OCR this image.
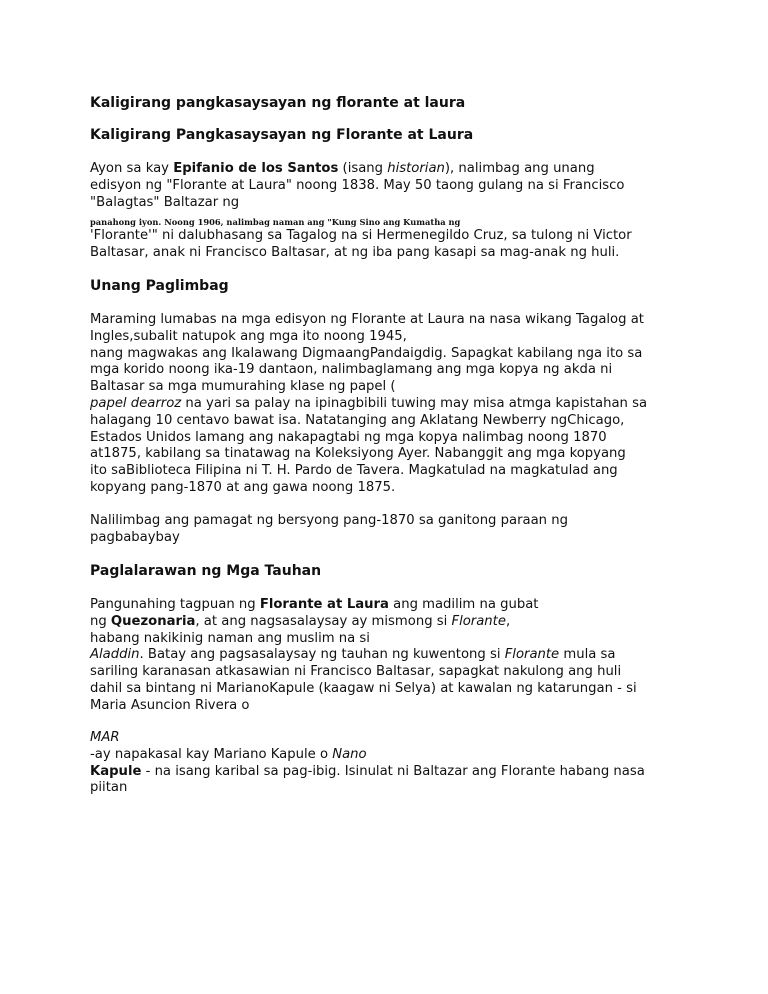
Kaligirang pangkasaysayan ng florante at laura
Kaligirang Pangkasaysayan ng Florante at Laura
Ayon sa kay Epifanio de los Santos (isang historian), nalimbag ang unang
edisyon ng "Florante at Laura" noong 1838. May 50 taong gulang na si Francisco
"Balagtas" Baltazar ng
panahong iyon. Noong 1906, nalimbag naman ang "Kung Sino ang Kumatha ng
'Florante'" ni dalubhasang sa Tagalog na si Hermenegildo Cruz, sa tulong ni Victor
Baltasar, anak ni Francisco Baltasar, at ng iba pang kasapi sa mag-anak ng huli.
Unang Paglimbag
Maraming lumabas na mga edisyon ng Florante at Laura na nasa wikang Tagalog at
Ingles,subalit natupok ang mga ito noong 1945,
nang magwakas ang Ikalawang DigmaangPandaigdig. Sapagkat kabilang nga ito sa
mga korido noong ika-19 dantaon, nalimbaglamang ang mga kopya ng akda ni
Baltasar sa mga mumurahing klase ng papel (
papel dearroz na yari sa palay na ipinagbibili tuwing may misa atmga kapistahan sa
halagang 10 centavo bawat isa. Natatanging ang Aklatang Newberry ngChicago,
Estados Unidos lamang ang nakapagtabi ng mga kopya nalimbag noong 1870
at1875, kabilang sa tinatawag na Koleksiyong Ayer. Nabanggit ang mga kopyang
ito saBiblioteca Filipina ni T. H. Pardo de Tavera. Magkatulad na magkatulad ang
kopyang pang-1870 at ang gawa noong 1875.
Nalilimbag ang pamagat ng bersyong pang-1870 sa ganitong paraan ng
pagbabaybay
Paglalarawan ng Mga Tauhan
Pangunahing tagpuan ng Florante at Laura ang madilim na gubat
ng Quezonaria, at ang nagsasalaysay ay mismong si Florante,
habang nakikinig naman ang muslim na si
Aladdin. Batay ang pagsasalaysay ng tauhan ng kuwentong si Florante mula sa
sariling karanasan atkasawian ni Francisco Baltasar, sapagkat nakulong ang huli
dahil sa bintang ni MarianoKapule (kaagaw ni Selya) at kawalan ng katarungan - si
Maria Asuncion Rivera o
MAR
-ay napakasal kay Mariano Kapule o Nano
Kapule - na isang karibal sa pag-ibig. Isinulat ni Baltazar ang Florante habang nasa
piitan
